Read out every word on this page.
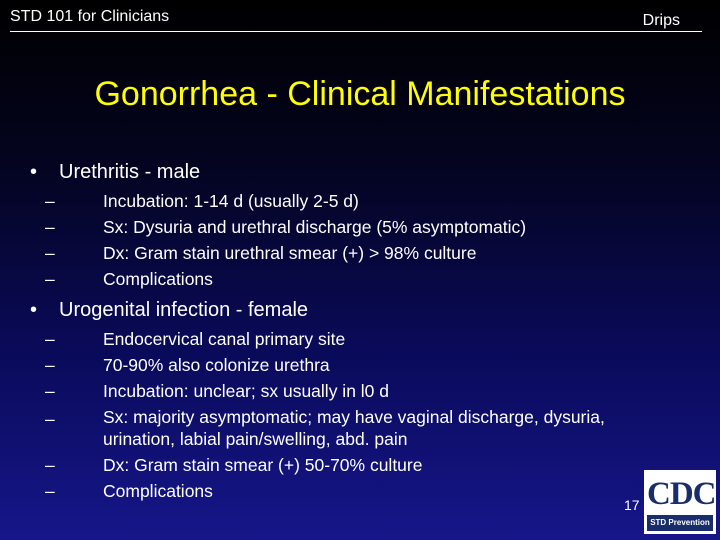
STD 101 for Clinicians	Drips
Gonorrhea - Clinical Manifestations
•	Urethritis - male
–	Incubation: 1-14 d (usually 2-5 d)
–	Sx: Dysuria and urethral discharge (5% asymptomatic)
–	Dx: Gram stain urethral smear (+) > 98% culture
–	Complications
•	Urogenital infection - female
–	Endocervical canal primary site
–	70-90% also colonize urethra
–	Incubation: unclear; sx usually in l0 d
–	Sx: majority asymptomatic; may have vaginal discharge, dysuria, urination, labial pain/swelling, abd. pain
–	Dx: Gram stain smear (+) 50-70% culture
–	Complications
17 CDC
STD Prevention
